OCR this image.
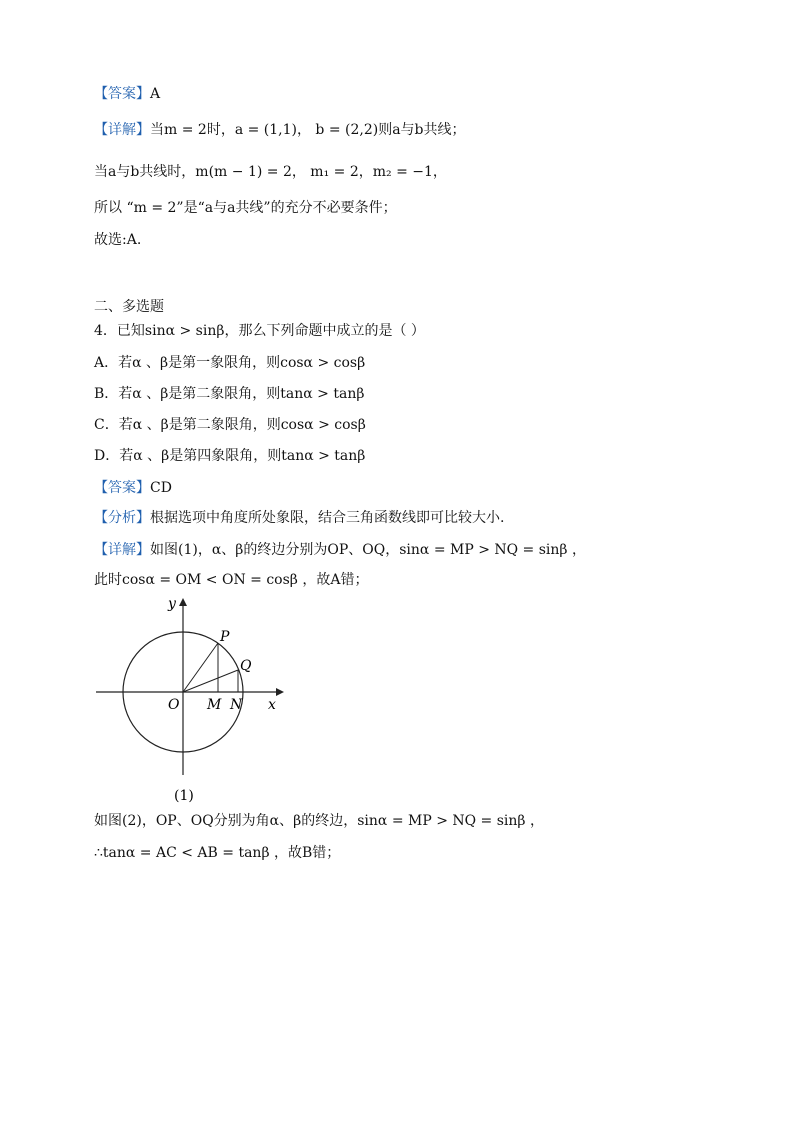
【答案】A
【详解】当m = 2时，a = (1,1)， b = (2,2)则a与b共线；
当a与b共线时，m(m − 1) = 2， m₁ = 2，m₂ = −1，
所以 “m = 2”是“a与a共线”的充分不必要条件；
故选:A.
二、多选题
4．已知sinα > sinβ，那么下列命题中成立的是（ ）
A．若α 、β是第一象限角，则cosα > cosβ
B．若α 、β是第二象限角，则tanα > tanβ
C．若α 、β是第二象限角，则cosα > cosβ
D．若α 、β是第四象限角，则tanα > tanβ
【答案】CD
【分析】根据选项中角度所处象限，结合三角函数线即可比较大小.
【详解】如图(1)，α、β的终边分别为OP、OQ，sinα = MP > NQ = sinβ ，
此时cosα = OM < ON = cosβ ，故A错；
y
x
O M N
P
Q
(1)
如图(2)，OP、OQ分别为角α、β的终边，sinα = MP > NQ = sinβ ，
∴tanα = AC < AB = tanβ ，故B错；
